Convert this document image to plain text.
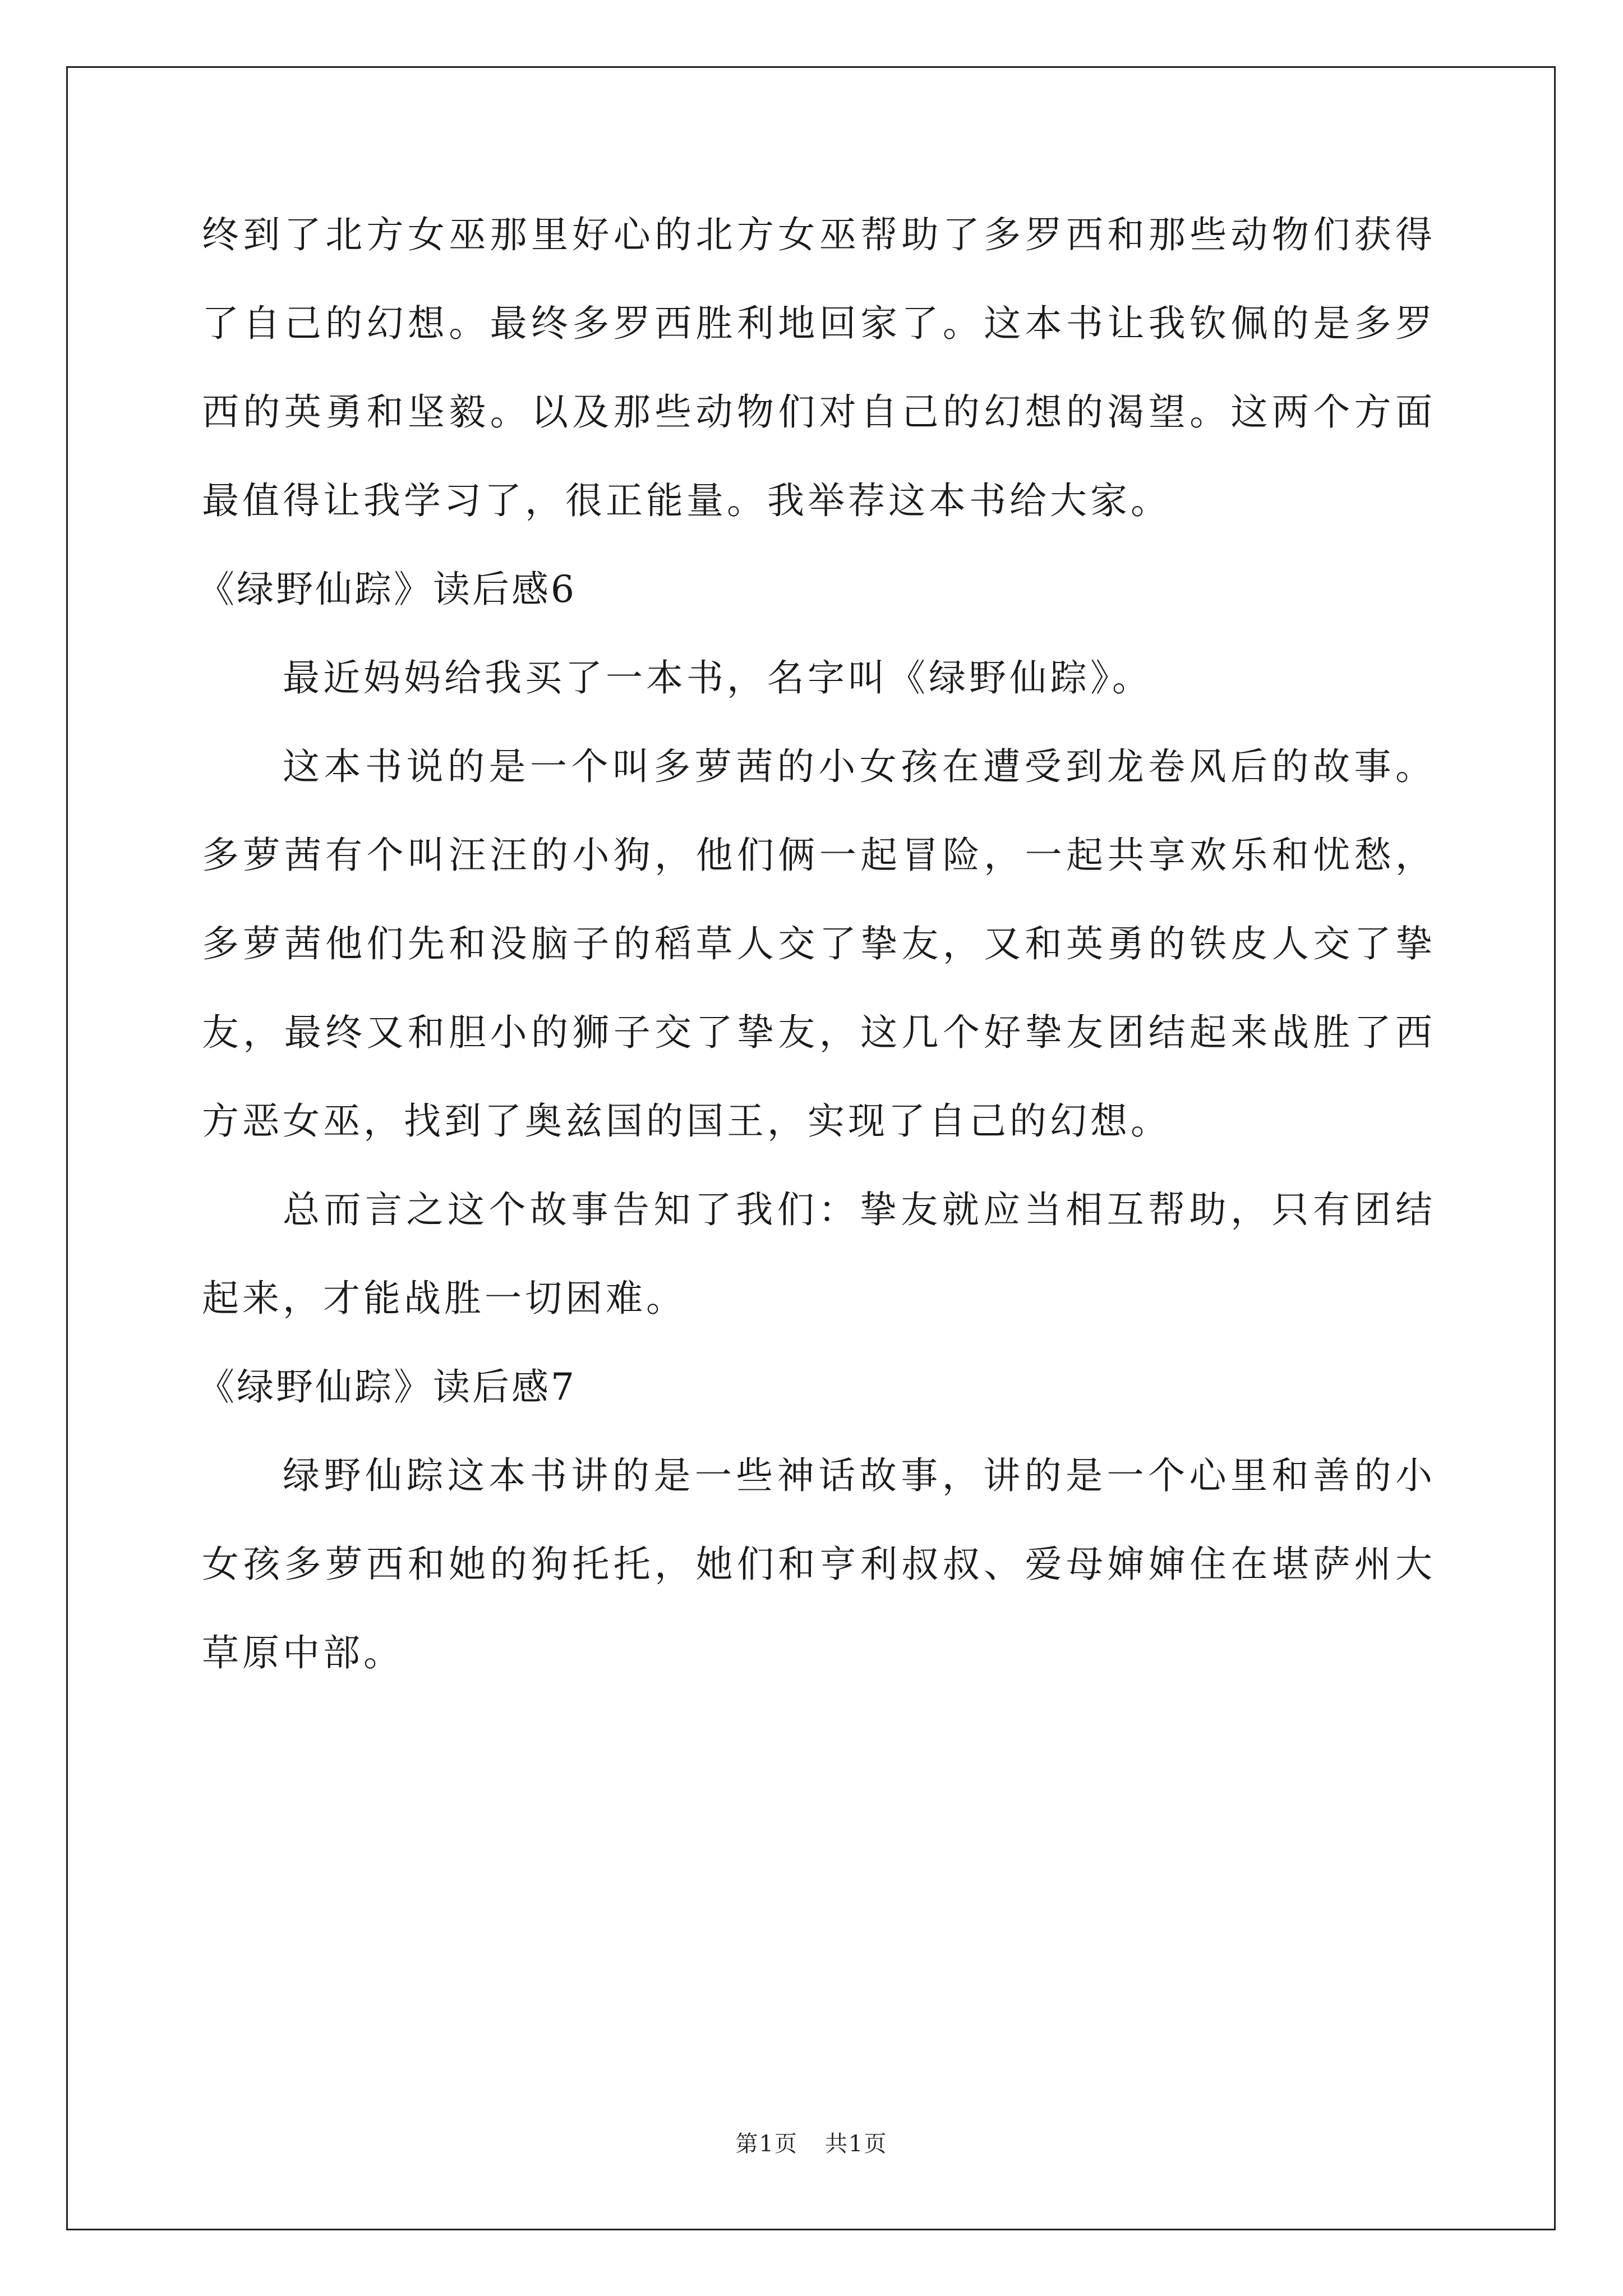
终到了北方女巫那里好心的北方女巫帮助了多罗西和那些动物们获得了自己的幻想。最终多罗西胜利地回家了。这本书让我钦佩的是多罗西的英勇和坚毅。以及那些动物们对自己的幻想的渴望。这两个方面最值得让我学习了，很正能量。我举荐这本书给大家。

《绿野仙踪》读后感6

最近妈妈给我买了一本书，名字叫《绿野仙踪》。

这本书说的是一个叫多萝茜的小女孩在遭受到龙卷风后的故事。多萝茜有个叫汪汪的小狗，他们俩一起冒险，一起共享欢乐和忧愁，多萝茜他们先和没脑子的稻草人交了挚友，又和英勇的铁皮人交了挚友，最终又和胆小的狮子交了挚友，这几个好挚友团结起来战胜了西方恶女巫，找到了奥兹国的国王，实现了自己的幻想。

总而言之这个故事告知了我们：挚友就应当相互帮助，只有团结起来，才能战胜一切困难。

《绿野仙踪》读后感7

绿野仙踪这本书讲的是一些神话故事，讲的是一个心里和善的小女孩多萝西和她的狗托托，她们和亨利叔叔、爱母婶婶住在堪萨州大草原中部。

第1页 共1页
